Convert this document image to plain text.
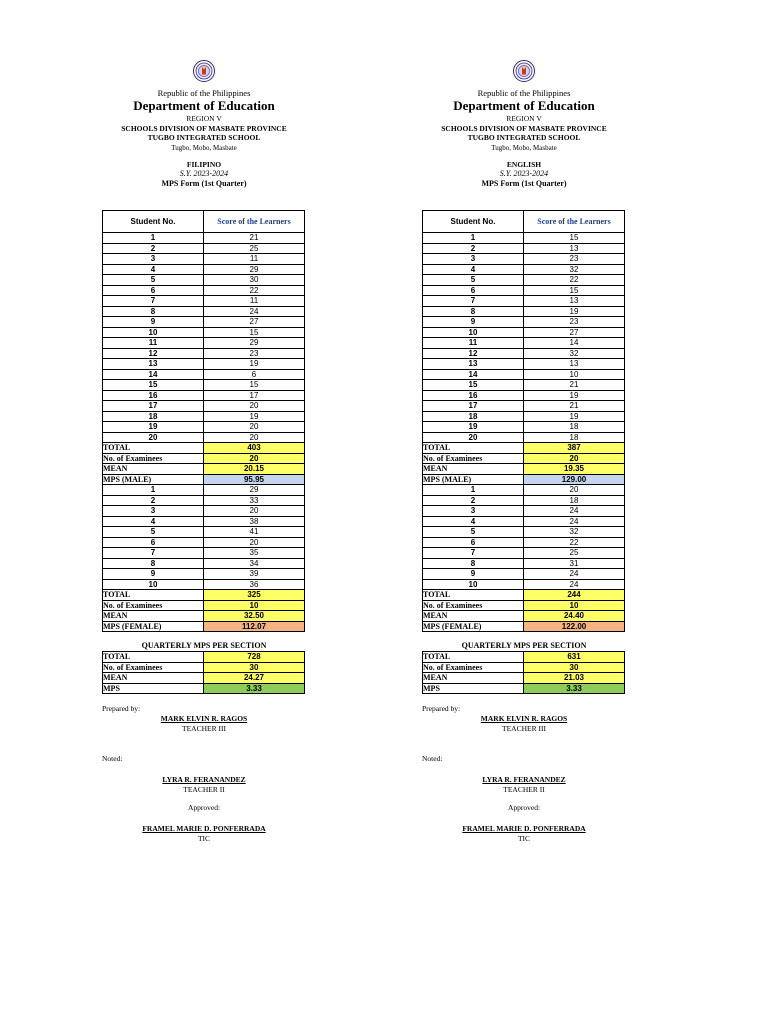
Republic of the Philippines
Department of Education
REGION V
SCHOOLS DIVISION OF MASBATE PROVINCE
TUGBO INTEGRATED SCHOOL
Tugbo, Mobo, Masbate
FILIPINO
S.Y. 2023-2024
MPS Form (1st Quarter)
Student No.	Score of the Learners
1	21
2	25
3	11
4	29
5	30
6	22
7	11
8	24
9	27
10	15
11	29
12	23
13	19
14	6
15	15
16	17
17	20
18	19
19	20
20	20
TOTAL	403
No. of Examinees	20
MEAN	20.15
MPS (MALE)	95.95
1	29
2	33
3	20
4	38
5	41
6	20
7	35
8	34
9	39
10	36
TOTAL	325
No. of Examinees	10
MEAN	32.50
MPS (FEMALE)	112.07
QUARTERLY MPS PER SECTION
TOTAL	728
No. of Examinees	30
MEAN	24.27
MPS	3.33
Prepared by:
MARK ELVIN R. RAGOS
TEACHER III
Noted:
LYRA R. FERANANDEZ
TEACHER II
Approved:
FRAMEL MARIE D. PONFERRADA
TIC
Republic of the Philippines
Department of Education
REGION V
SCHOOLS DIVISION OF MASBATE PROVINCE
TUGBO INTEGRATED SCHOOL
Tugbo, Mobo, Masbate
ENGLISH
S.Y. 2023-2024
MPS Form (1st Quarter)
Student No.	Score of the Learners
1	15
2	13
3	23
4	32
5	22
6	15
7	13
8	19
9	23
10	27
11	14
12	32
13	13
14	10
15	21
16	19
17	21
18	19
19	18
20	18
TOTAL	387
No. of Examinees	20
MEAN	19.35
MPS (MALE)	129.00
1	20
2	18
3	24
4	24
5	32
6	22
7	25
8	31
9	24
10	24
TOTAL	244
No. of Examinees	10
MEAN	24.40
MPS (FEMALE)	122.00
QUARTERLY MPS PER SECTION
TOTAL	631
No. of Examinees	30
MEAN	21.03
MPS	3.33
Prepared by:
MARK ELVIN R. RAGOS
TEACHER III
Noted:
LYRA R. FERANANDEZ
TEACHER II
Approved:
FRAMEL MARIE D. PONFERRADA
TIC
